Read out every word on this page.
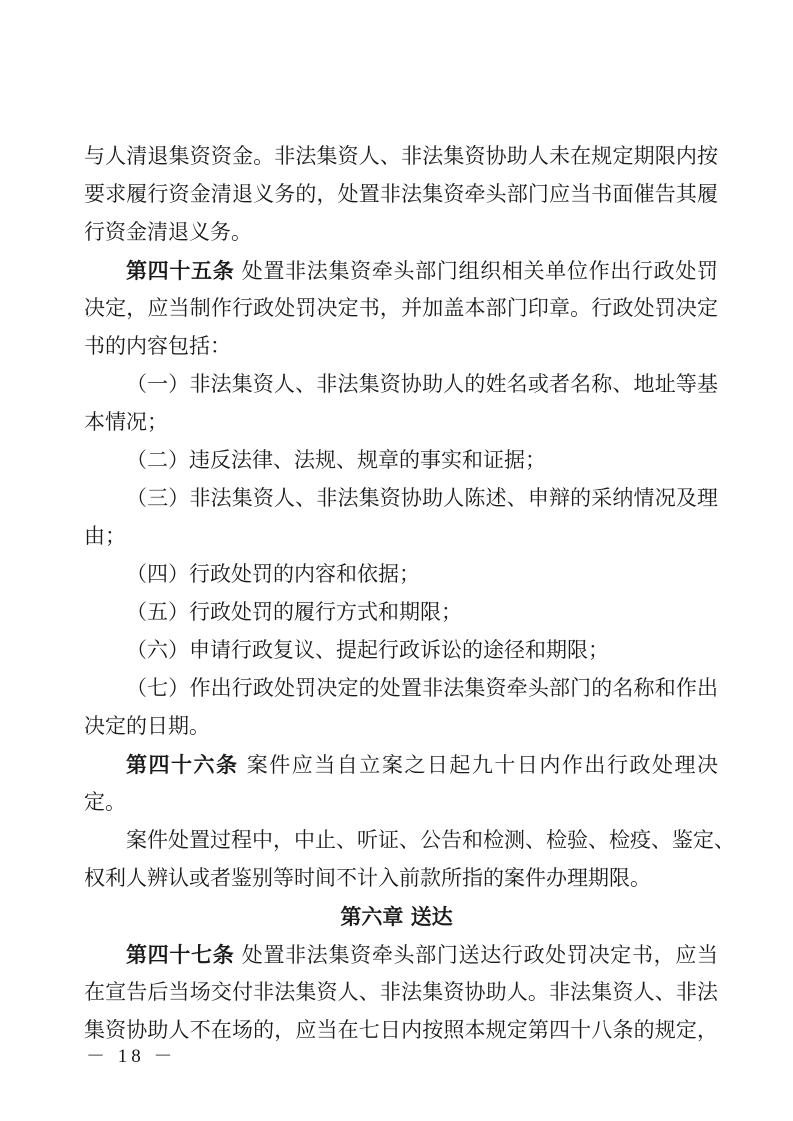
与人清退集资资金。非法集资人、非法集资协助人未在规定期限内按
要求履行资金清退义务的，处置非法集资牵头部门应当书面催告其履
行资金清退义务。
第四十五条 处置非法集资牵头部门组织相关单位作出行政处罚
决定，应当制作行政处罚决定书，并加盖本部门印章。行政处罚决定
书的内容包括：
（一）非法集资人、非法集资协助人的姓名或者名称、地址等基
本情况；
（二）违反法律、法规、规章的事实和证据；
（三）非法集资人、非法集资协助人陈述、申辩的采纳情况及理
由；
（四）行政处罚的内容和依据；
（五）行政处罚的履行方式和期限；
（六）申请行政复议、提起行政诉讼的途径和期限；
（七）作出行政处罚决定的处置非法集资牵头部门的名称和作出
决定的日期。
第四十六条 案件应当自立案之日起九十日内作出行政处理决
定。
案件处置过程中，中止、听证、公告和检测、检验、检疫、鉴定、
权利人辨认或者鉴别等时间不计入前款所指的案件办理期限。
第六章 送达
第四十七条 处置非法集资牵头部门送达行政处罚决定书，应当
在宣告后当场交付非法集资人、非法集资协助人。非法集资人、非法
集资协助人不在场的，应当在七日内按照本规定第四十八条的规定，
－ 18 －
